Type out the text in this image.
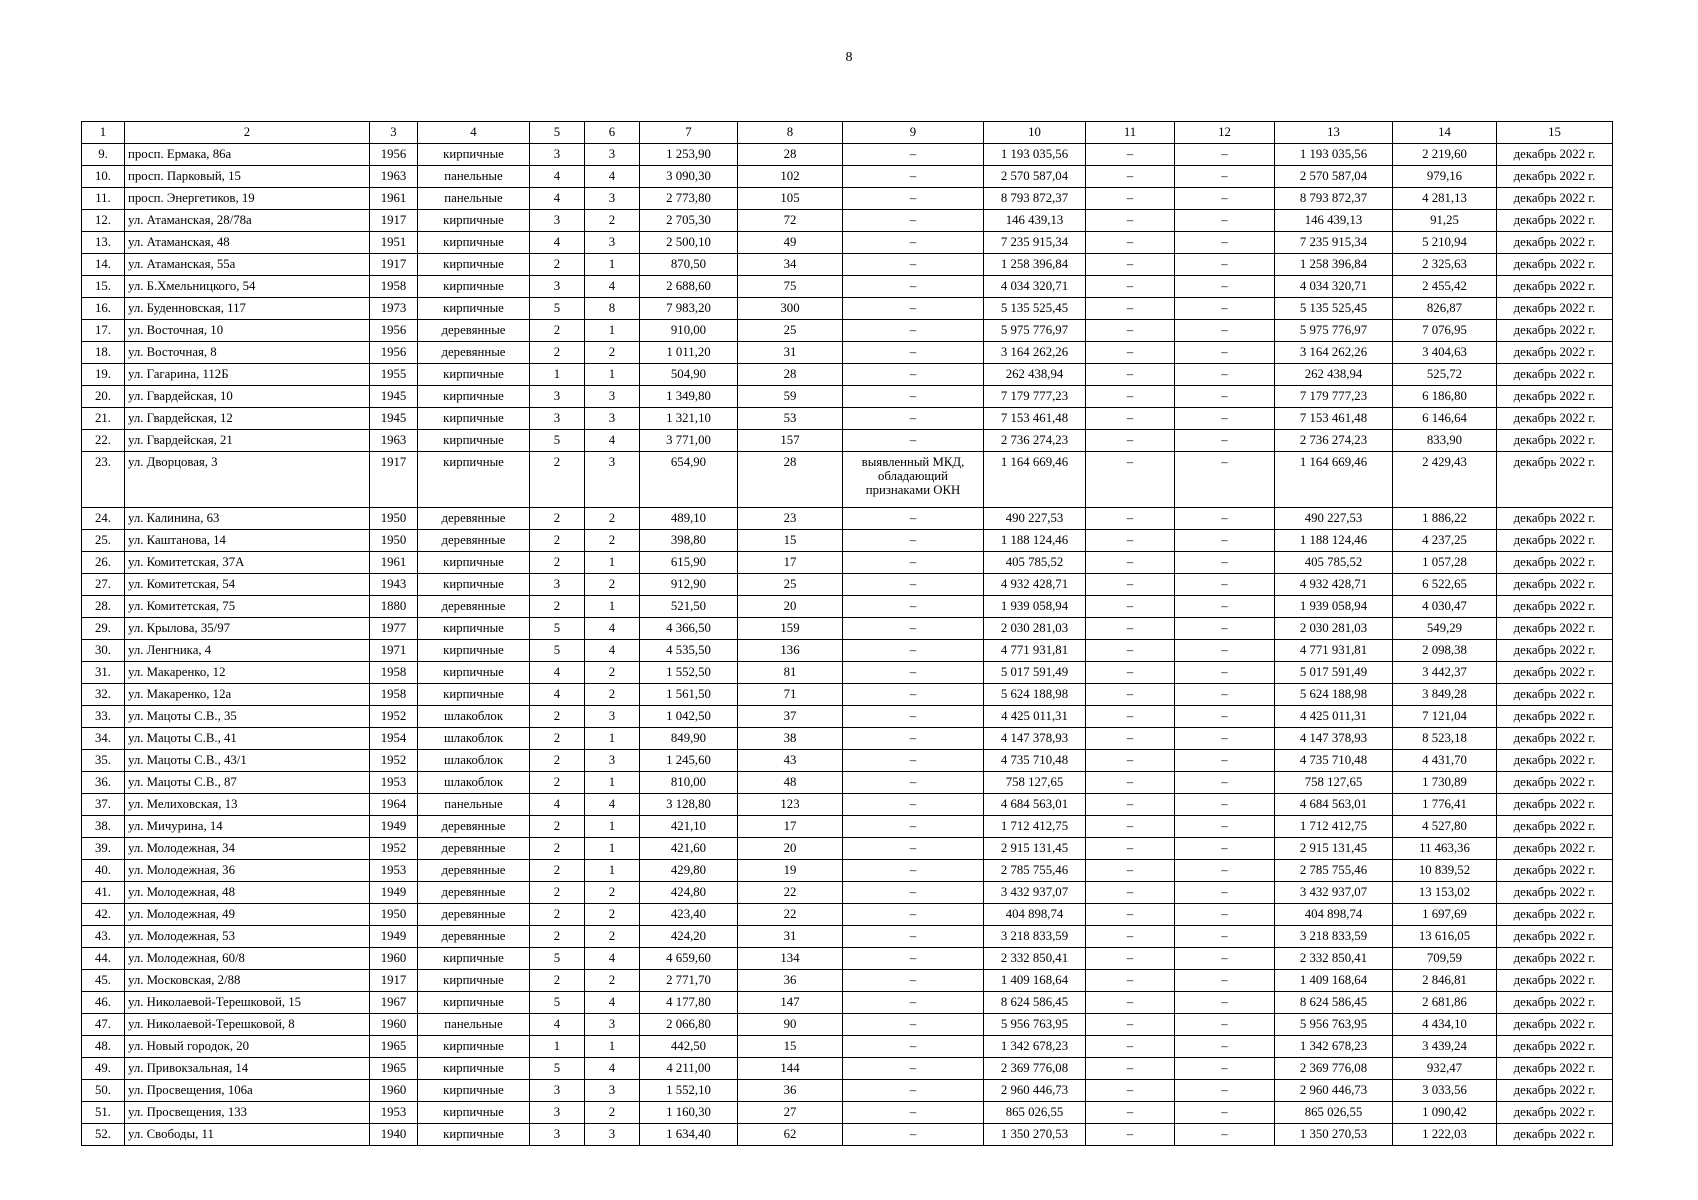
8
1	2	3	4	5	6	7	8	9	10	11	12	13	14	15
9.	просп. Ермака, 86а	1956	кирпичные	3	3	1 253,90	28	–	1 193 035,56	–	–	1 193 035,56	2 219,60	декабрь 2022 г.
10.	просп. Парковый, 15	1963	панельные	4	4	3 090,30	102	–	2 570 587,04	–	–	2 570 587,04	979,16	декабрь 2022 г.
11.	просп. Энергетиков, 19	1961	панельные	4	3	2 773,80	105	–	8 793 872,37	–	–	8 793 872,37	4 281,13	декабрь 2022 г.
12.	ул. Атаманская, 28/78а	1917	кирпичные	3	2	2 705,30	72	–	146 439,13	–	–	146 439,13	91,25	декабрь 2022 г.
13.	ул. Атаманская, 48	1951	кирпичные	4	3	2 500,10	49	–	7 235 915,34	–	–	7 235 915,34	5 210,94	декабрь 2022 г.
14.	ул. Атаманская, 55а	1917	кирпичные	2	1	870,50	34	–	1 258 396,84	–	–	1 258 396,84	2 325,63	декабрь 2022 г.
15.	ул. Б.Хмельницкого, 54	1958	кирпичные	3	4	2 688,60	75	–	4 034 320,71	–	–	4 034 320,71	2 455,42	декабрь 2022 г.
16.	ул. Буденновская, 117	1973	кирпичные	5	8	7 983,20	300	–	5 135 525,45	–	–	5 135 525,45	826,87	декабрь 2022 г.
17.	ул. Восточная, 10	1956	деревянные	2	1	910,00	25	–	5 975 776,97	–	–	5 975 776,97	7 076,95	декабрь 2022 г.
18.	ул. Восточная, 8	1956	деревянные	2	2	1 011,20	31	–	3 164 262,26	–	–	3 164 262,26	3 404,63	декабрь 2022 г.
19.	ул. Гагарина, 112Б	1955	кирпичные	1	1	504,90	28	–	262 438,94	–	–	262 438,94	525,72	декабрь 2022 г.
20.	ул. Гвардейская, 10	1945	кирпичные	3	3	1 349,80	59	–	7 179 777,23	–	–	7 179 777,23	6 186,80	декабрь 2022 г.
21.	ул. Гвардейская, 12	1945	кирпичные	3	3	1 321,10	53	–	7 153 461,48	–	–	7 153 461,48	6 146,64	декабрь 2022 г.
22.	ул. Гвардейская, 21	1963	кирпичные	5	4	3 771,00	157	–	2 736 274,23	–	–	2 736 274,23	833,90	декабрь 2022 г.
23.	ул. Дворцовая, 3	1917	кирпичные	2	3	654,90	28	выявленный МКД, обладающий признаками ОКН	1 164 669,46	–	–	1 164 669,46	2 429,43	декабрь 2022 г.
24.	ул. Калинина, 63	1950	деревянные	2	2	489,10	23	–	490 227,53	–	–	490 227,53	1 886,22	декабрь 2022 г.
25.	ул. Каштанова, 14	1950	деревянные	2	2	398,80	15	–	1 188 124,46	–	–	1 188 124,46	4 237,25	декабрь 2022 г.
26.	ул. Комитетская, 37А	1961	кирпичные	2	1	615,90	17	–	405 785,52	–	–	405 785,52	1 057,28	декабрь 2022 г.
27.	ул. Комитетская, 54	1943	кирпичные	3	2	912,90	25	–	4 932 428,71	–	–	4 932 428,71	6 522,65	декабрь 2022 г.
28.	ул. Комитетская, 75	1880	деревянные	2	1	521,50	20	–	1 939 058,94	–	–	1 939 058,94	4 030,47	декабрь 2022 г.
29.	ул. Крылова, 35/97	1977	кирпичные	5	4	4 366,50	159	–	2 030 281,03	–	–	2 030 281,03	549,29	декабрь 2022 г.
30.	ул. Ленгника, 4	1971	кирпичные	5	4	4 535,50	136	–	4 771 931,81	–	–	4 771 931,81	2 098,38	декабрь 2022 г.
31.	ул. Макаренко, 12	1958	кирпичные	4	2	1 552,50	81	–	5 017 591,49	–	–	5 017 591,49	3 442,37	декабрь 2022 г.
32.	ул. Макаренко, 12а	1958	кирпичные	4	2	1 561,50	71	–	5 624 188,98	–	–	5 624 188,98	3 849,28	декабрь 2022 г.
33.	ул. Мацоты С.В., 35	1952	шлакоблок	2	3	1 042,50	37	–	4 425 011,31	–	–	4 425 011,31	7 121,04	декабрь 2022 г.
34.	ул. Мацоты С.В., 41	1954	шлакоблок	2	1	849,90	38	–	4 147 378,93	–	–	4 147 378,93	8 523,18	декабрь 2022 г.
35.	ул. Мацоты С.В., 43/1	1952	шлакоблок	2	3	1 245,60	43	–	4 735 710,48	–	–	4 735 710,48	4 431,70	декабрь 2022 г.
36.	ул. Мацоты С.В., 87	1953	шлакоблок	2	1	810,00	48	–	758 127,65	–	–	758 127,65	1 730,89	декабрь 2022 г.
37.	ул. Мелиховская, 13	1964	панельные	4	4	3 128,80	123	–	4 684 563,01	–	–	4 684 563,01	1 776,41	декабрь 2022 г.
38.	ул. Мичурина, 14	1949	деревянные	2	1	421,10	17	–	1 712 412,75	–	–	1 712 412,75	4 527,80	декабрь 2022 г.
39.	ул. Молодежная, 34	1952	деревянные	2	1	421,60	20	–	2 915 131,45	–	–	2 915 131,45	11 463,36	декабрь 2022 г.
40.	ул. Молодежная, 36	1953	деревянные	2	1	429,80	19	–	2 785 755,46	–	–	2 785 755,46	10 839,52	декабрь 2022 г.
41.	ул. Молодежная, 48	1949	деревянные	2	2	424,80	22	–	3 432 937,07	–	–	3 432 937,07	13 153,02	декабрь 2022 г.
42.	ул. Молодежная, 49	1950	деревянные	2	2	423,40	22	–	404 898,74	–	–	404 898,74	1 697,69	декабрь 2022 г.
43.	ул. Молодежная, 53	1949	деревянные	2	2	424,20	31	–	3 218 833,59	–	–	3 218 833,59	13 616,05	декабрь 2022 г.
44.	ул. Молодежная, 60/8	1960	кирпичные	5	4	4 659,60	134	–	2 332 850,41	–	–	2 332 850,41	709,59	декабрь 2022 г.
45.	ул. Московская, 2/88	1917	кирпичные	2	2	2 771,70	36	–	1 409 168,64	–	–	1 409 168,64	2 846,81	декабрь 2022 г.
46.	ул. Николаевой-Терешковой, 15	1967	кирпичные	5	4	4 177,80	147	–	8 624 586,45	–	–	8 624 586,45	2 681,86	декабрь 2022 г.
47.	ул. Николаевой-Терешковой, 8	1960	панельные	4	3	2 066,80	90	–	5 956 763,95	–	–	5 956 763,95	4 434,10	декабрь 2022 г.
48.	ул. Новый городок, 20	1965	кирпичные	1	1	442,50	15	–	1 342 678,23	–	–	1 342 678,23	3 439,24	декабрь 2022 г.
49.	ул. Привокзальная, 14	1965	кирпичные	5	4	4 211,00	144	–	2 369 776,08	–	–	2 369 776,08	932,47	декабрь 2022 г.
50.	ул. Просвещения, 106а	1960	кирпичные	3	3	1 552,10	36	–	2 960 446,73	–	–	2 960 446,73	3 033,56	декабрь 2022 г.
51.	ул. Просвещения, 133	1953	кирпичные	3	2	1 160,30	27	–	865 026,55	–	–	865 026,55	1 090,42	декабрь 2022 г.
52.	ул. Свободы, 11	1940	кирпичные	3	3	1 634,40	62	–	1 350 270,53	–	–	1 350 270,53	1 222,03	декабрь 2022 г.
